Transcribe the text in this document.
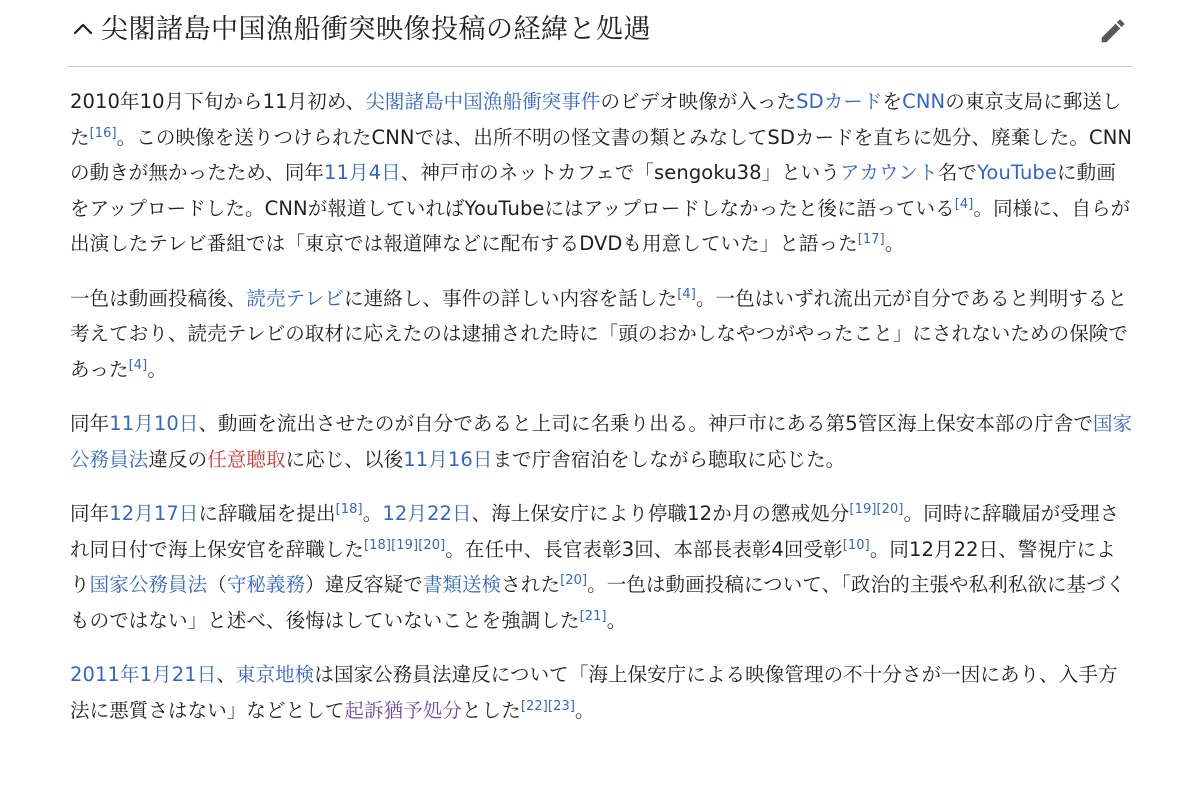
尖閣諸島中国漁船衝突映像投稿の経緯と処遇

2010年10月下旬から11月初め、尖閣諸島中国漁船衝突事件のビデオ映像が入ったSDカードをCNNの東京支局に郵送した[16]。この映像を送りつけられたCNNでは、出所不明の怪文書の類とみなしてSDカードを直ちに処分、廃棄した。CNNの動きが無かったため、同年11月4日、神戸市のネットカフェで「sengoku38」というアカウント名でYouTubeに動画をアップロードした。CNNが報道していればYouTubeにはアップロードしなかったと後に語っている[4]。同様に、自らが出演したテレビ番組では「東京では報道陣などに配布するDVDも用意していた」と語った[17]。

一色は動画投稿後、読売テレビに連絡し、事件の詳しい内容を話した[4]。一色はいずれ流出元が自分であると判明すると考えており、読売テレビの取材に応えたのは逮捕された時に「頭のおかしなやつがやったこと」にされないための保険であった[4]。

同年11月10日、動画を流出させたのが自分であると上司に名乗り出る。神戸市にある第5管区海上保安本部の庁舎で国家公務員法違反の任意聴取に応じ、以後11月16日まで庁舎宿泊をしながら聴取に応じた。

同年12月17日に辞職届を提出[18]。12月22日、海上保安庁により停職12か月の懲戒処分[19][20]。同時に辞職届が受理され同日付で海上保安官を辞職した[18][19][20]。在任中、長官表彰3回、本部長表彰4回受彰[10]。同12月22日、警視庁により国家公務員法（守秘義務）違反容疑で書類送検された[20]。一色は動画投稿について、「政治的主張や私利私欲に基づくものではない」と述べ、後悔はしていないことを強調した[21]。

2011年1月21日、東京地検は国家公務員法違反について「海上保安庁による映像管理の不十分さが一因にあり、入手方法に悪質さはない」などとして起訴猶予処分とした[22][23]。
